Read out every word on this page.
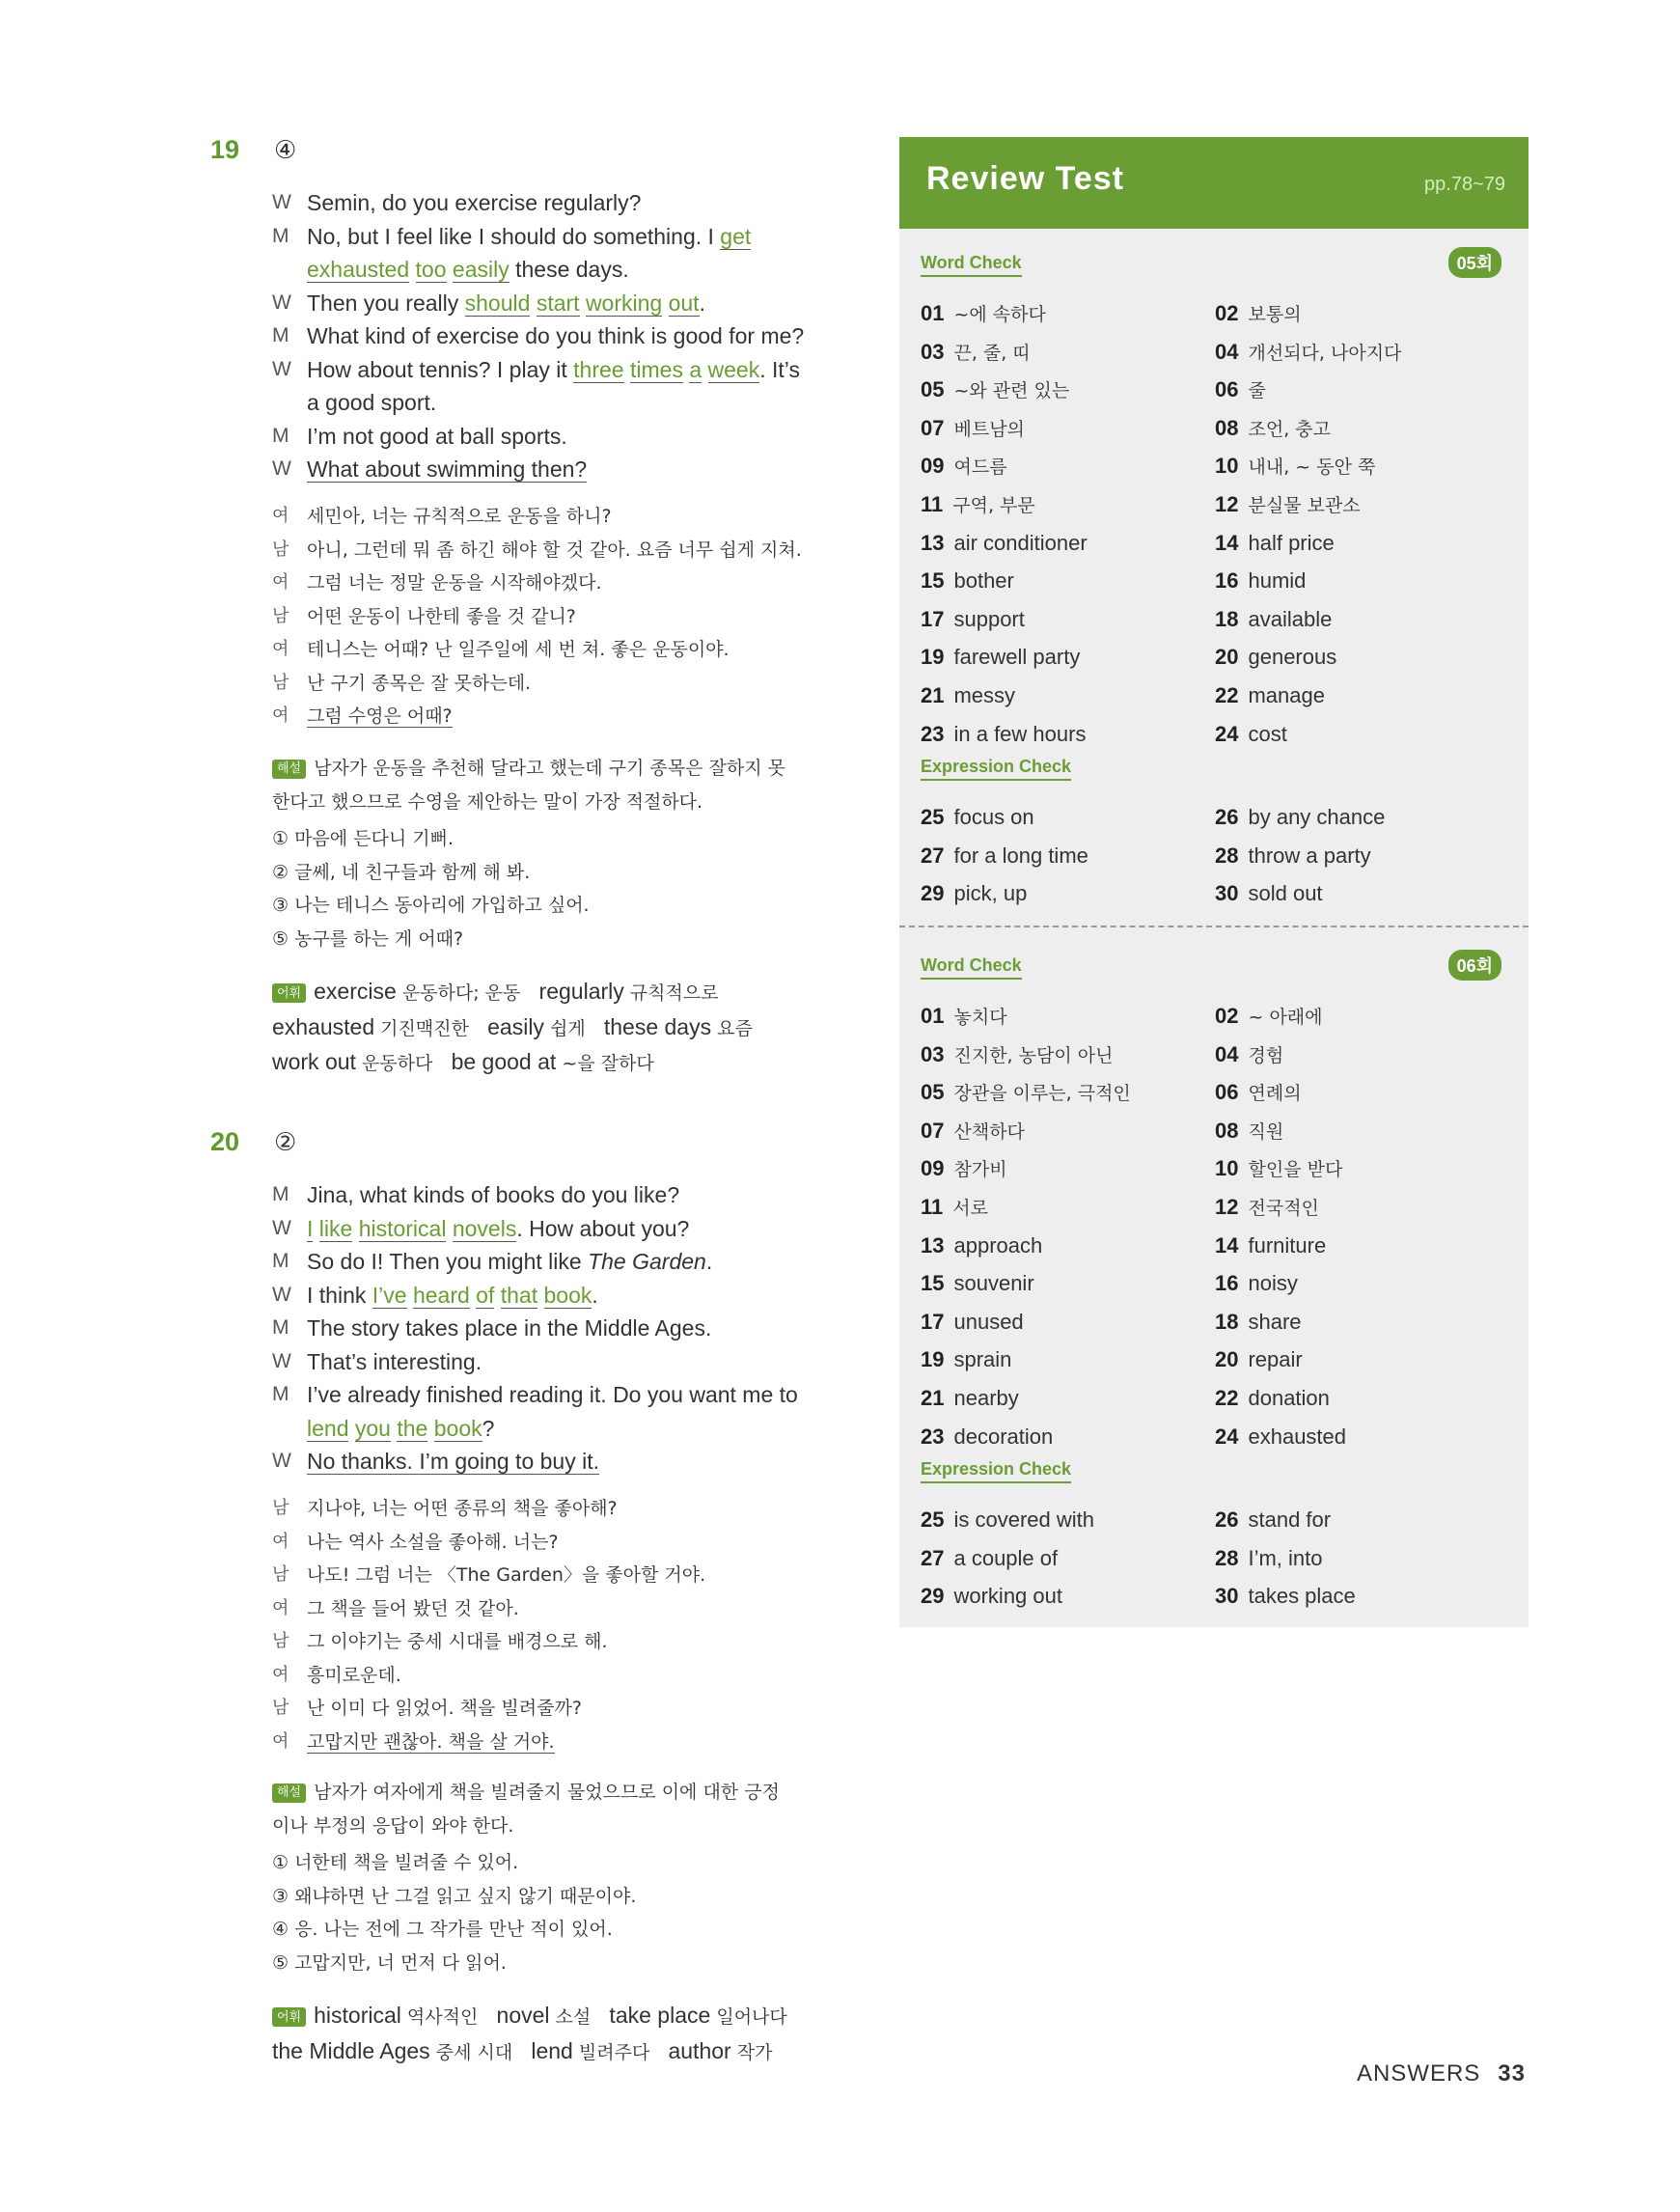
19	④
W Semin, do you exercise regularly?
M No, but I feel like I should do something. I get
exhausted too easily these days.
W Then you really should start working out.
M What kind of exercise do you think is good for me?
W How about tennis? I play it three times a week. It’s
a good sport.
M I’m not good at ball sports.
W What about swimming then?
여 세민아, 너는 규칙적으로 운동을 하니?
남 아니, 그런데 뭐 좀 하긴 해야 할 것 같아. 요즘 너무 쉽게 지쳐.
여 그럼 너는 정말 운동을 시작해야겠다.
남 어떤 운동이 나한테 좋을 것 같니?
여 테니스는 어때? 난 일주일에 세 번 쳐. 좋은 운동이야.
남 난 구기 종목은 잘 못하는데.
여 그럼 수영은 어때?
해설 남자가 운동을 추천해 달라고 했는데 구기 종목은 잘하지 못
한다고 했으므로 수영을 제안하는 말이 가장 적절하다.
① 마음에 든다니 기뻐.
② 글쎄, 네 친구들과 함께 해 봐.
③ 나는 테니스 동아리에 가입하고 싶어.
⑤ 농구를 하는 게 어때?
어휘 exercise 운동하다; 운동   regularly 규칙적으로
exhausted 기진맥진한   easily 쉽게   these days 요즘
work out 운동하다   be good at ~을 잘하다
20	②
M Jina, what kinds of books do you like?
W I like historical novels. How about you?
M So do I! Then you might like The Garden.
W I think I’ve heard of that book.
M The story takes place in the Middle Ages.
W That’s interesting.
M I’ve already finished reading it. Do you want me to
lend you the book?
W No thanks. I’m going to buy it.
남 지나야, 너는 어떤 종류의 책을 좋아해?
여 나는 역사 소설을 좋아해. 너는?
남 나도! 그럼 너는 〈The Garden〉을 좋아할 거야.
여 그 책을 들어 봤던 것 같아.
남 그 이야기는 중세 시대를 배경으로 해.
여 흥미로운데.
남 난 이미 다 읽었어. 책을 빌려줄까?
여 고맙지만 괜찮아. 책을 살 거야.
해설 남자가 여자에게 책을 빌려줄지 물었으므로 이에 대한 긍정
이나 부정의 응답이 와야 한다.
① 너한테 책을 빌려줄 수 있어.
③ 왜냐하면 난 그걸 읽고 싶지 않기 때문이야.
④ 응. 나는 전에 그 작가를 만난 적이 있어.
⑤ 고맙지만, 너 먼저 다 읽어.
어휘 historical 역사적인   novel 소설   take place 일어나다
the Middle Ages 중세 시대   lend 빌려주다   author 작가
Review Test	pp.78~79
Word Check	05회
01 ~에 속하다	02 보통의
03 끈, 줄, 띠	04 개선되다, 나아지다
05 ~와 관련 있는	06 줄
07 베트남의	08 조언, 충고
09 여드름	10 내내, ~ 동안 쭉
11 구역, 부문	12 분실물 보관소
13 air conditioner	14 half price
15 bother	16 humid
17 support	18 available
19 farewell party	20 generous
21 messy	22 manage
23 in a few hours	24 cost
Expression Check
25 focus on	26 by any chance
27 for a long time	28 throw a party
29 pick, up	30 sold out
Word Check	06회
01 놓치다	02 ~ 아래에
03 진지한, 농담이 아닌	04 경험
05 장관을 이루는, 극적인	06 연례의
07 산책하다	08 직원
09 참가비	10 할인을 받다
11 서로	12 전국적인
13 approach	14 furniture
15 souvenir	16 noisy
17 unused	18 share
19 sprain	20 repair
21 nearby	22 donation
23 decoration	24 exhausted
Expression Check
25 is covered with	26 stand for
27 a couple of	28 I’m, into
29 working out	30 takes place
ANSWERS 33
